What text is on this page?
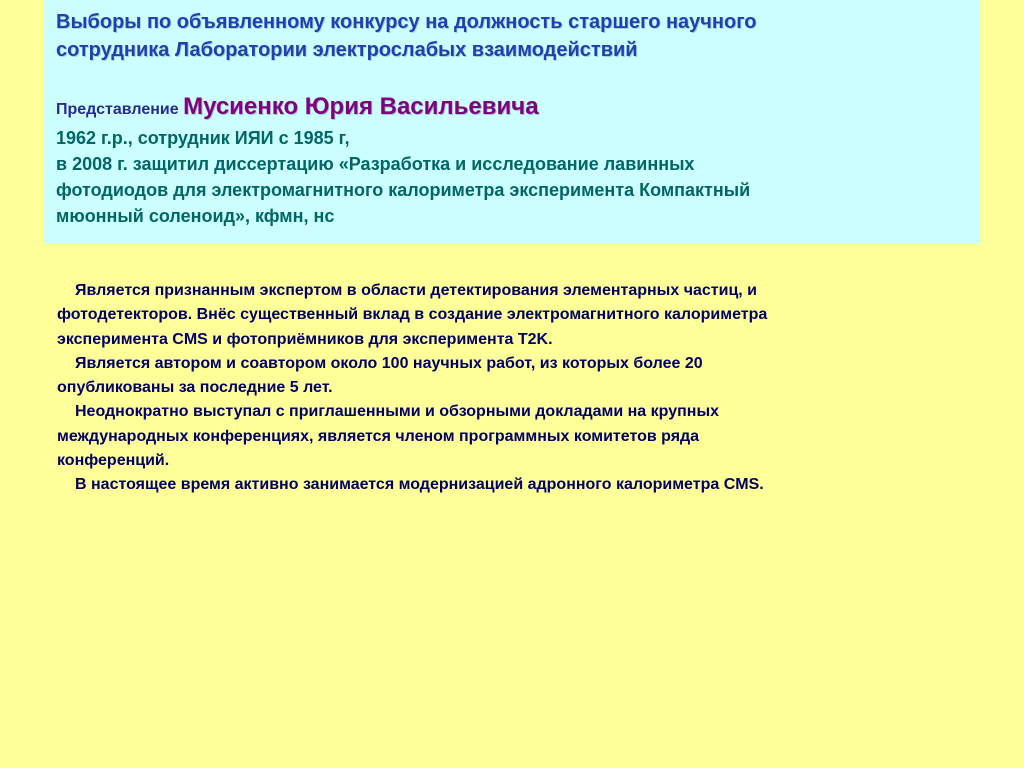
Выборы по объявленному конкурсу на должность старшего научного
сотрудника Лаборатории электрослабых взаимодействий
Представление Мусиенко Юрия Васильевича
1962 г.р., сотрудник ИЯИ с 1985 г,
в 2008 г. защитил диссертацию «Разработка и исследование лавинных
фотодиодов для электромагнитного калориметра эксперимента Компактный
мюонный соленоид», кфмн, нс
Является признанным экспертом в области детектирования элементарных частиц, и
фотодетекторов. Внёс существенный вклад в создание электромагнитного калориметра
эксперимента CMS и фотоприёмников для эксперимента T2K.
Является автором и соавтором около 100 научных работ, из которых более 20
опубликованы за последние 5 лет.
Неоднократно выступал с приглашенными и обзорными докладами на крупных
международных конференциях, является членом программных комитетов ряда
конференций.
В настоящее время активно занимается модернизацией адронного калориметра CMS.
